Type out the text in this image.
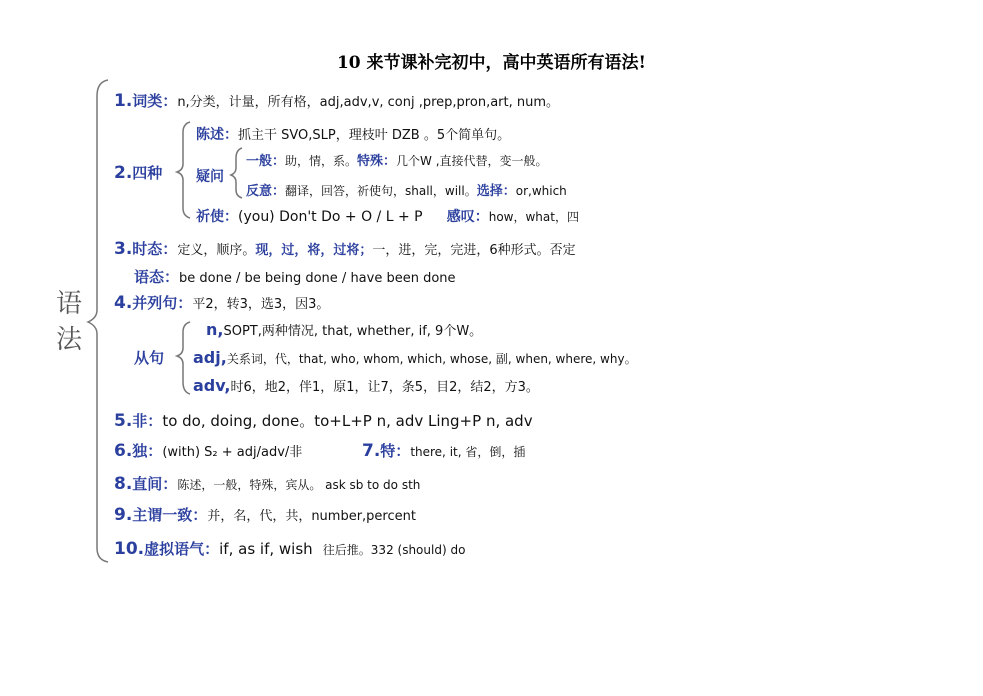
10 来节课补完初中，高中英语所有语法!
语法
1.词类：n,分类，计量，所有格，adj,adv,v, conj ,prep,pron,art, num。
2.四种
陈述：抓主干 SVO,SLP，理枝叶 DZB 。5个简单句。
疑问
一般：助，情，系。特殊：几个W ,直接代替，变一般。
反意：翻译，回答，祈使句，shall，will。选择：or,which
祈使：(you) Don't Do + O / L + P 感叹：how，what，四
3.时态：定义，顺序。现，过，将，过将；一，进，完，完进，6种形式。否定
语态：be done / be being done / have been done
4.并列句：平2，转3，选3，因3。
从句
n,SOPT,两种情况, that, whether, if, 9个W。
adj,关系词，代，that, who, whom, which, whose, 副, when, where, why。
adv,时6，地2，伴1，原1，让7，条5，目2，结2，方3。
5.非：to do, doing, done。to+L+P n, adv Ling+P n, adv
6.独：(with) S₂ + adj/adv/非	7.特：there, it, 省，倒，插
8.直间：陈述，一般，特殊，宾从。 ask sb to do sth
9.主谓一致：并，名，代，共，number,percent
10.虚拟语气：if, as if, wish 往后推。332 (should) do
